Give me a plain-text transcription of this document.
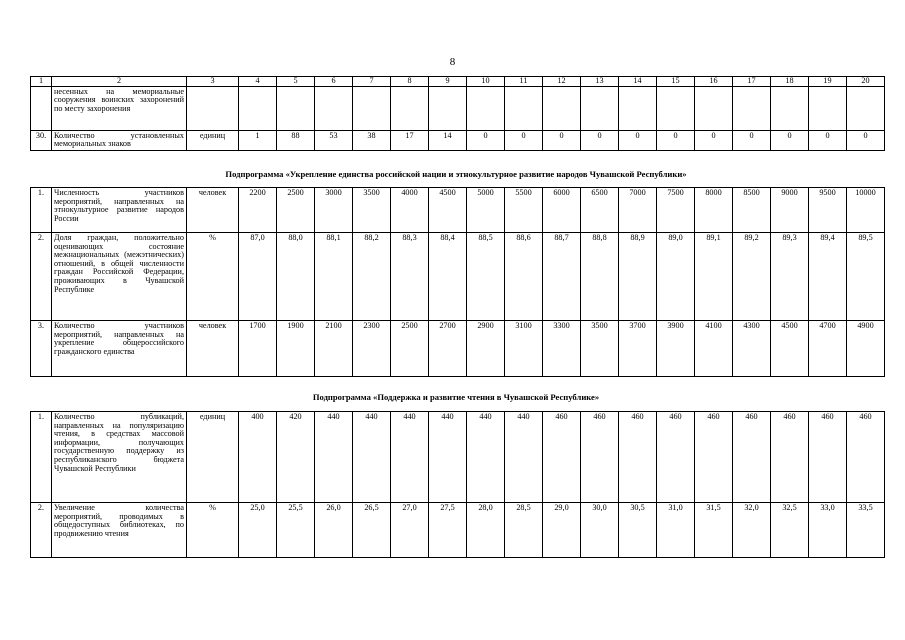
8
1	2	3	4	5	6	7	8	9	10	11	12	13	14	15	16	17	18	19	20	
	несенных на мемориальные сооружения воинских захоронений по месту захоронения																			
30.	Количество установленных мемориальных знаков	единиц	1	88	53	38	17	14	0	0	0	0	0	0	0	0	0	0	0	
Подпрограмма «Укрепление единства российской нации и этнокультурное развитие народов Чувашской Республики»
1.	Численность участников мероприятий, направленных на этнокультурное развитие народов России	человек	2200	2500	3000	3500	4000	4500	5000	5500	6000	6500	7000	7500	8000	8500	9000	9500	10000
2.	Доля граждан, положительно оценивающих состояние межнациональных (межэтнических) отношений, в общей численности граждан Российской Федерации, проживающих в Чувашской Республике	%	87,0	88,0	88,1	88,2	88,3	88,4	88,5	88,6	88,7	88,8	88,9	89,0	89,1	89,2	89,3	89,4	89,5
3.	Количество участников мероприятий, направленных на укрепление общероссийского гражданского единства	человек	1700	1900	2100	2300	2500	2700	2900	3100	3300	3500	3700	3900	4100	4300	4500	4700	4900
Подпрограмма «Поддержка и развитие чтения в Чувашской Республике»
1.	Количество публикаций, направленных на популяризацию чтения, в средствах массовой информации, получающих государственную поддержку из республиканского бюджета Чувашской Республики	единиц	400	420	440	440	440	440	440	440	460	460	460	460	460	460	460	460	460
2.	Увеличение количества мероприятий, проводимых в общедоступных библиотеках, по продвижению чтения	%	25,0	25,5	26,0	26,5	27,0	27,5	28,0	28,5	29,0	30,0	30,5	31,0	31,5	32,0	32,5	33,0	33,5
